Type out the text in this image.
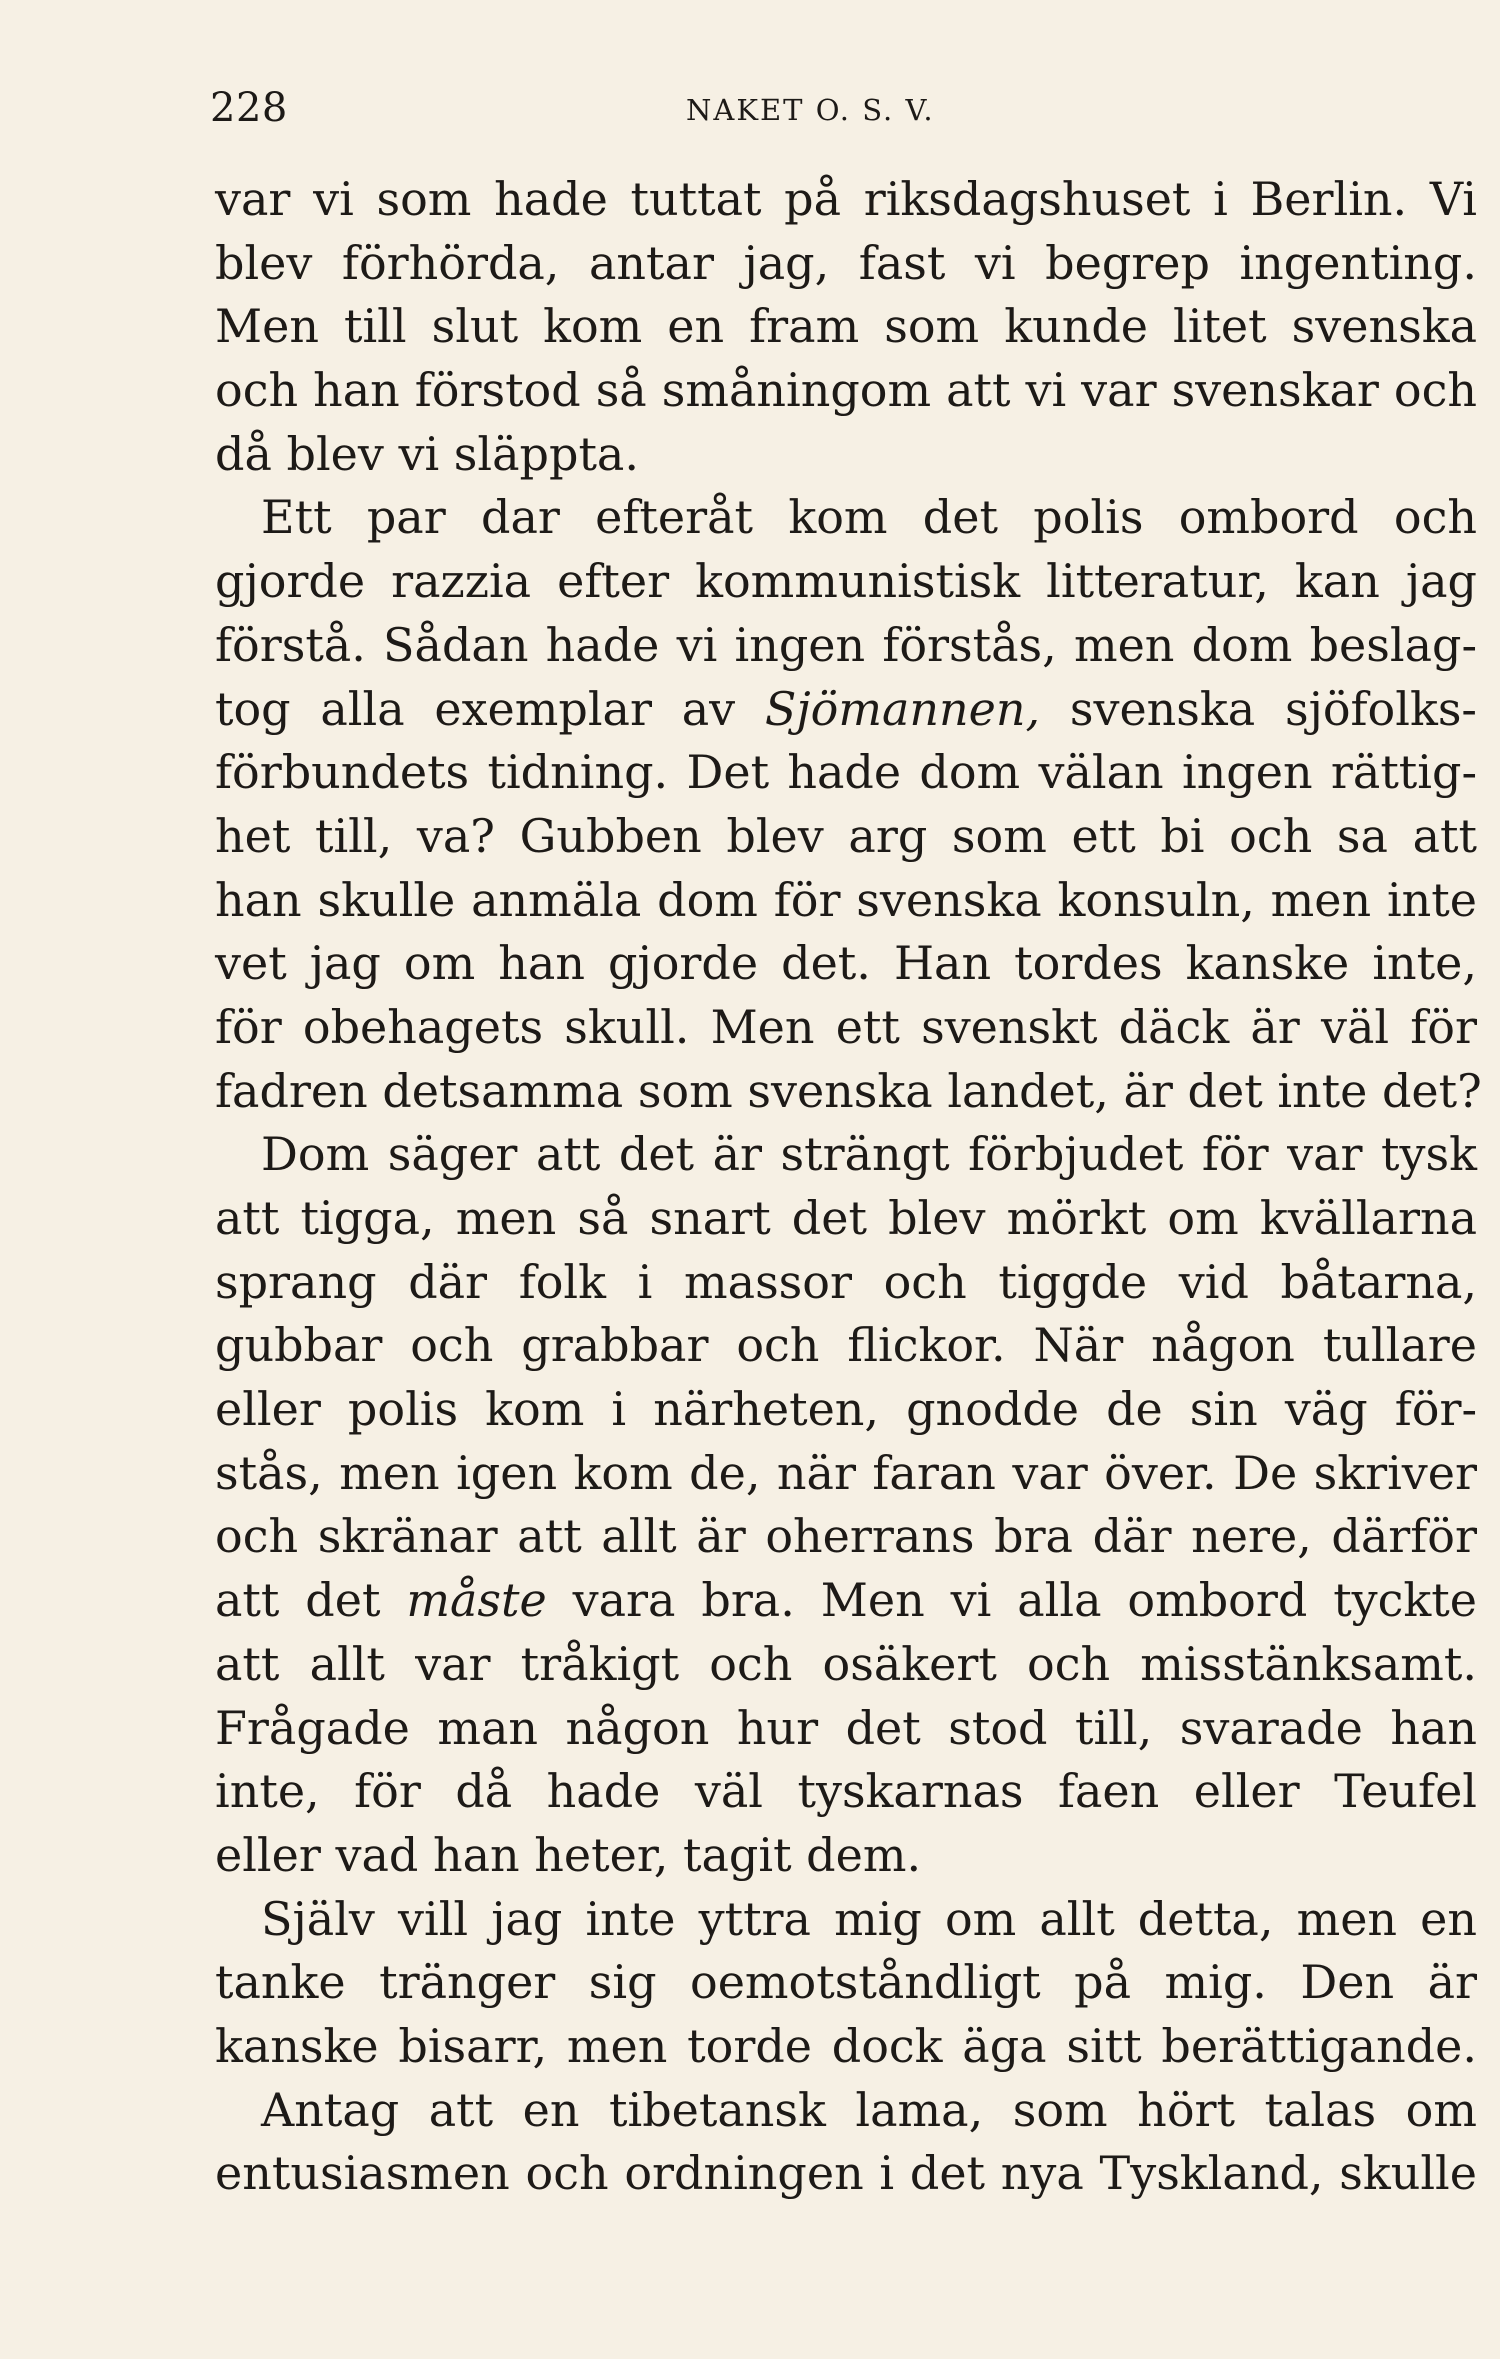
228	NAKET O. S. V.
var vi som hade tuttat på riksdagshuset i Berlin. Vi
blev förhörda, antar jag, fast vi begrep ingenting.
Men till slut kom en fram som kunde litet svenska
och han förstod så småningom att vi var svenskar och
då blev vi släppta.
Ett par dar efteråt kom det polis ombord och
gjorde razzia efter kommunistisk litteratur, kan jag
förstå. Sådan hade vi ingen förstås, men dom beslag-
tog alla exemplar av Sjömannen, svenska sjöfolks-
förbundets tidning. Det hade dom välan ingen rättig-
het till, va? Gubben blev arg som ett bi och sa att
han skulle anmäla dom för svenska konsuln, men inte
vet jag om han gjorde det. Han tordes kanske inte,
för obehagets skull. Men ett svenskt däck är väl för
fadren detsamma som svenska landet, är det inte det?
Dom säger att det är strängt förbjudet för var tysk
att tigga, men så snart det blev mörkt om kvällarna
sprang där folk i massor och tiggde vid båtarna,
gubbar och grabbar och flickor. När någon tullare
eller polis kom i närheten, gnodde de sin väg för-
stås, men igen kom de, när faran var över. De skriver
och skränar att allt är oherrans bra där nere, därför
att det måste vara bra. Men vi alla ombord tyckte
att allt var tråkigt och osäkert och misstänksamt.
Frågade man någon hur det stod till, svarade han
inte, för då hade väl tyskarnas faen eller Teufel
eller vad han heter, tagit dem.
Själv vill jag inte yttra mig om allt detta, men en
tanke tränger sig oemotståndligt på mig. Den är
kanske bisarr, men torde dock äga sitt berättigande.
Antag att en tibetansk lama, som hört talas om
entusiasmen och ordningen i det nya Tyskland, skulle
